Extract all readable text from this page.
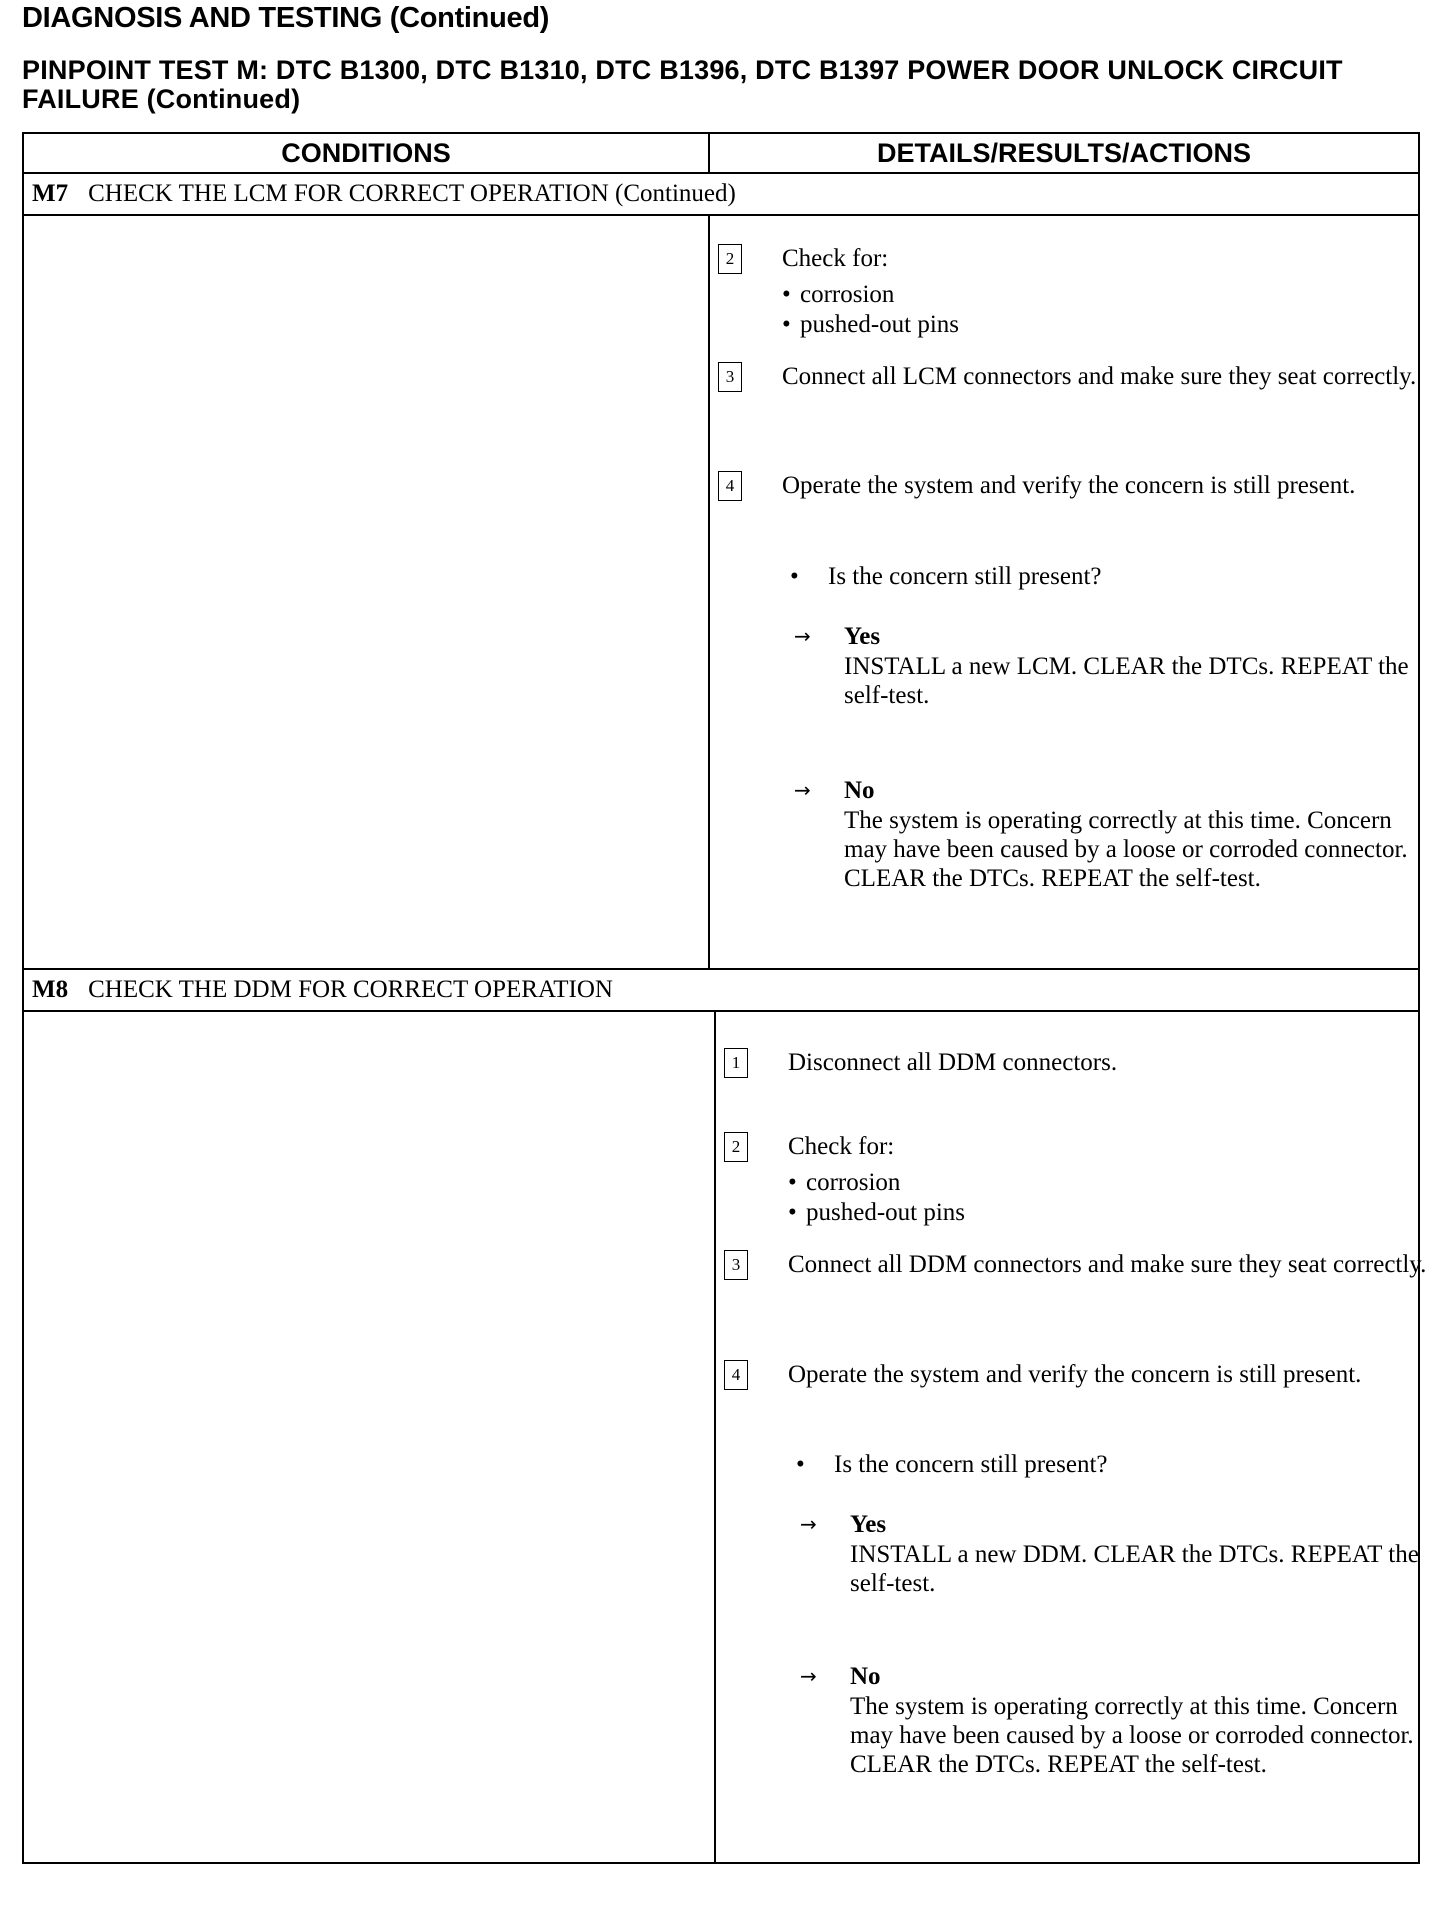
DIAGNOSIS AND TESTING (Continued)
PINPOINT TEST M: DTC B1300, DTC B1310, DTC B1396, DTC B1397 POWER DOOR UNLOCK CIRCUIT FAILURE (Continued)
CONDITIONS	DETAILS/RESULTS/ACTIONS
M7 CHECK THE LCM FOR CORRECT OPERATION (Continued)
2	Check for:
• corrosion
• pushed-out pins
3	Connect all LCM connectors and make sure they seat correctly.
4	Operate the system and verify the concern is still present.
• Is the concern still present?
→ Yes
INSTALL a new LCM. CLEAR the DTCs. REPEAT the self-test.
→ No
The system is operating correctly at this time. Concern may have been caused by a loose or corroded connector. CLEAR the DTCs. REPEAT the self-test.
M8 CHECK THE DDM FOR CORRECT OPERATION
1	Disconnect all DDM connectors.
2	Check for:
• corrosion
• pushed-out pins
3	Connect all DDM connectors and make sure they seat correctly.
4	Operate the system and verify the concern is still present.
• Is the concern still present?
→ Yes
INSTALL a new DDM. CLEAR the DTCs. REPEAT the self-test.
→ No
The system is operating correctly at this time. Concern may have been caused by a loose or corroded connector. CLEAR the DTCs. REPEAT the self-test.
